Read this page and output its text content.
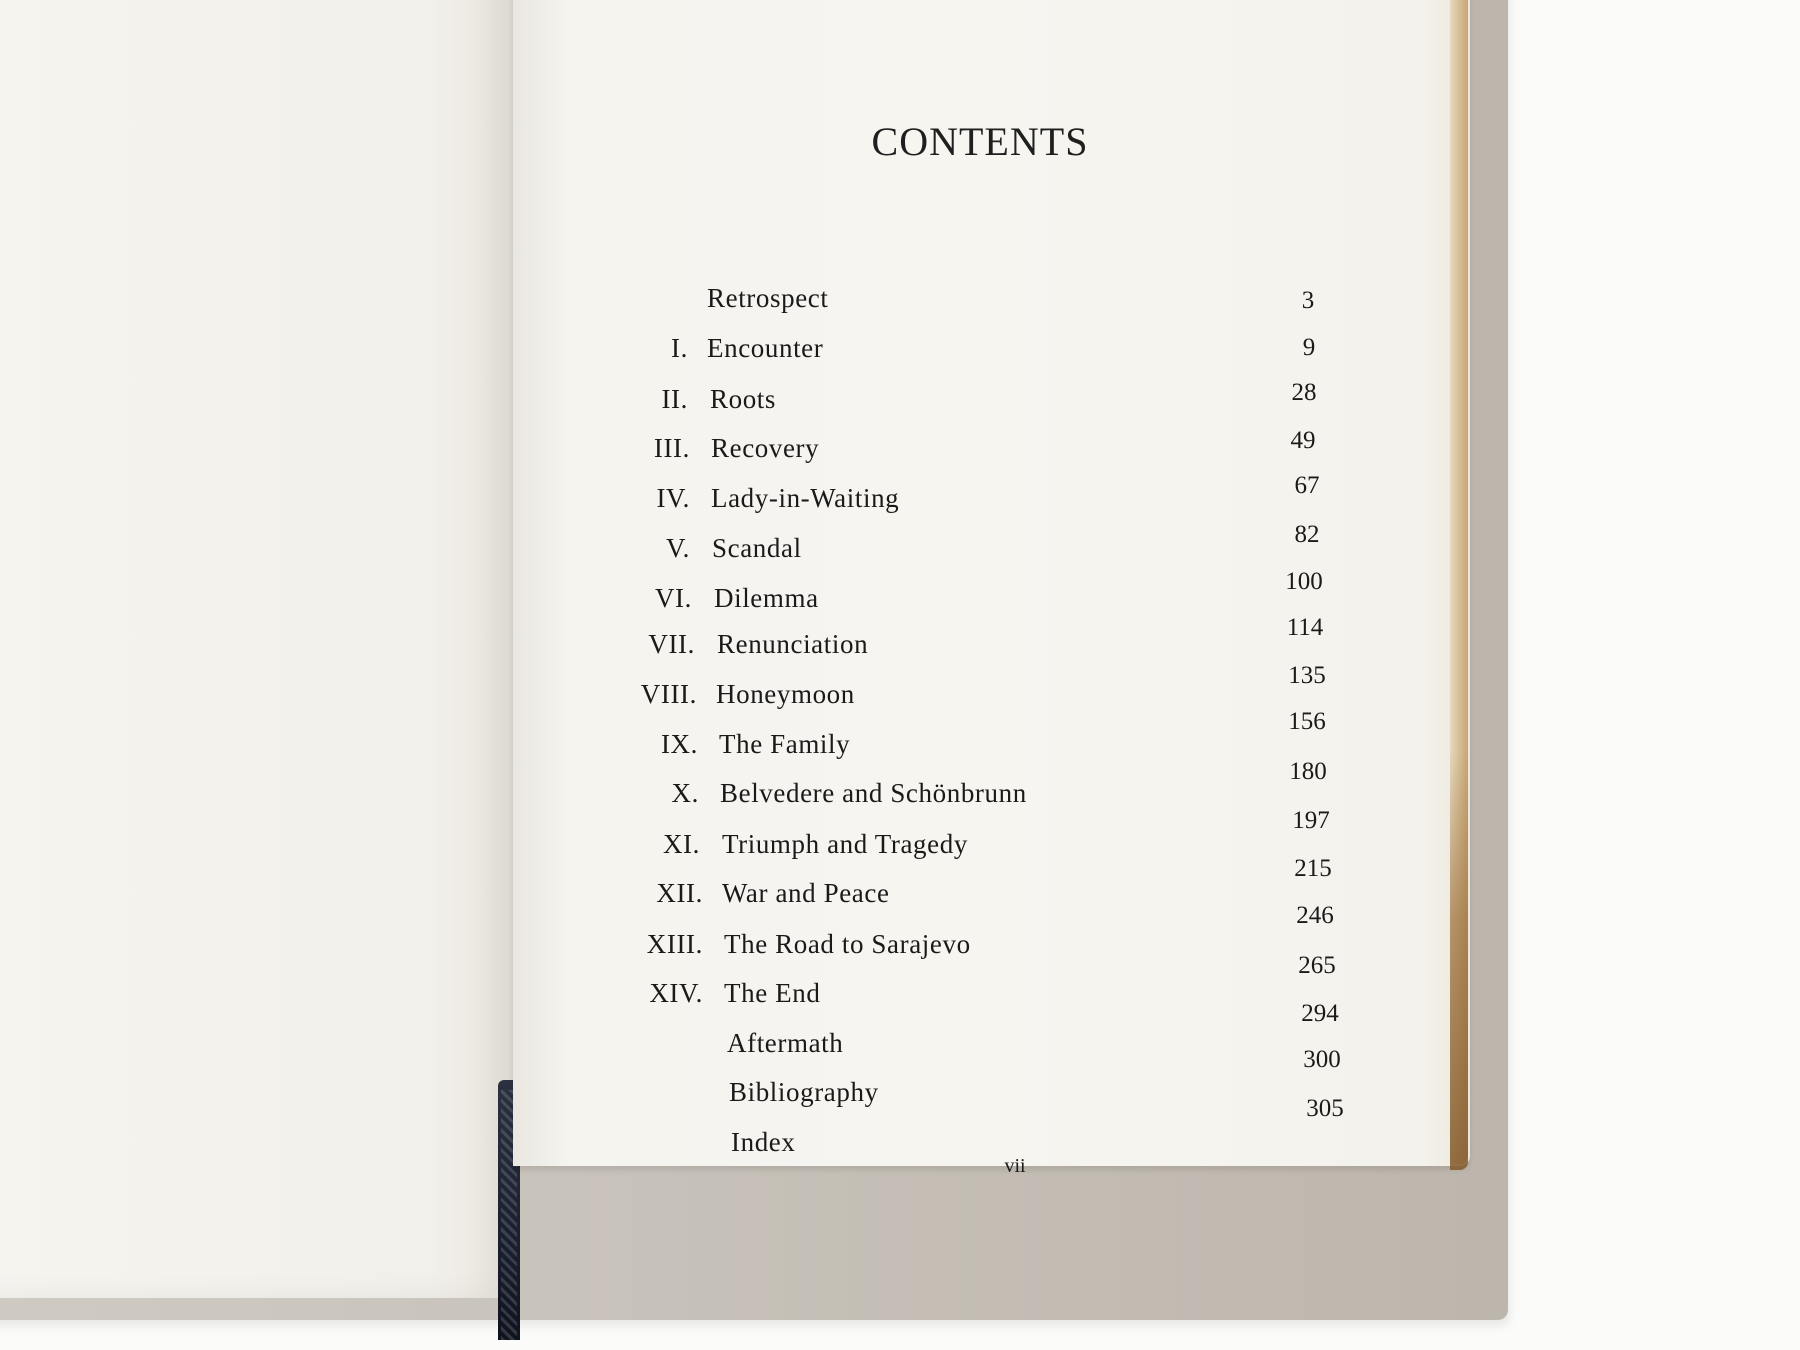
CONTENTS
3
Retrospect
9
I. Encounter
28
II. Roots
49
III. Recovery
67
IV. Lady-in-Waiting
82
V. Scandal
100
VI. Dilemma
114
VII. Renunciation
135
VIII. Honeymoon
156
IX. The Family
180
X. Belvedere and Schönbrunn
197
XI. Triumph and Tragedy
215
XII. War and Peace
246
XIII. The Road to Sarajevo
265
XIV. The End
294
Aftermath
300
Bibliography
305
Index
vii
